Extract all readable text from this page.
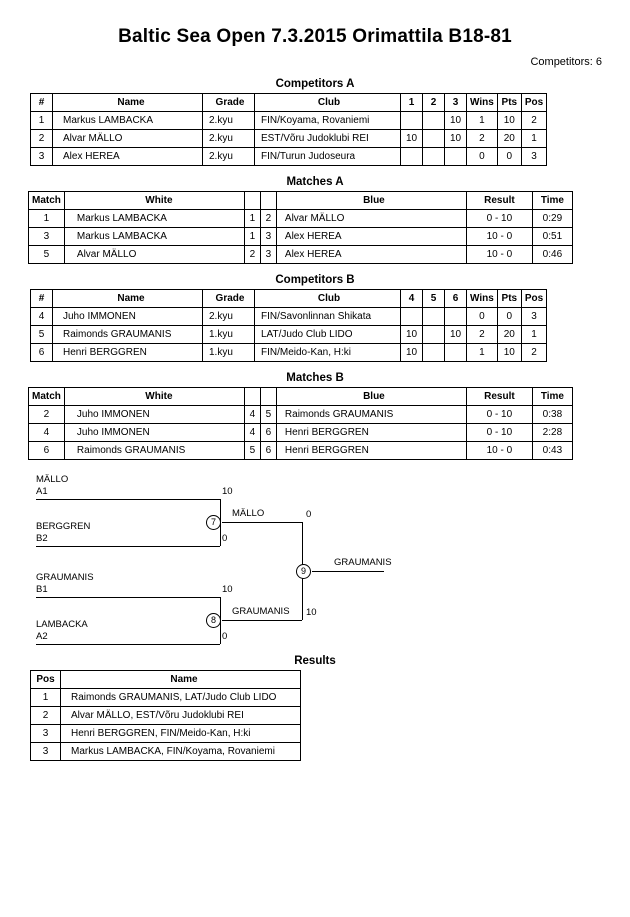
Baltic Sea Open 7.3.2015 Orimattila B18-81
Competitors: 6
Competitors A
#	Name	Grade	Club	1	2	3	Wins	Pts	Pos
1	Markus LAMBACKA	2.kyu	FIN/Koyama, Rovaniemi			10	1	10	2
2	Alvar MÄLLO	2.kyu	EST/Võru Judoklubi REI	10		10	2	20	1
3	Alex HEREA	2.kyu	FIN/Turun Judoseura				0	0	3
Matches A
Match	White			Blue	Result	Time
1	Markus LAMBACKA	1	2	Alvar MÄLLO	0 - 10	0:29
3	Markus LAMBACKA	1	3	Alex HEREA	10 - 0	0:51
5	Alvar MÄLLO	2	3	Alex HEREA	10 - 0	0:46
Competitors B
#	Name	Grade	Club	4	5	6	Wins	Pts	Pos
4	Juho IMMONEN	2.kyu	FIN/Savonlinnan Shikata				0	0	3
5	Raimonds GRAUMANIS	1.kyu	LAT/Judo Club LIDO	10		10	2	20	1
6	Henri BERGGREN	1.kyu	FIN/Meido-Kan, H:ki	10			1	10	2
Matches B
Match	White			Blue	Result	Time
2	Juho IMMONEN	4	5	Raimonds GRAUMANIS	0 - 10	0:38
4	Juho IMMONEN	4	6	Henri BERGGREN	0 - 10	2:28
6	Raimonds GRAUMANIS	5	6	Henri BERGGREN	10 - 0	0:43
MÄLLO
A1	10
BERGGREN
B2	0
7
MÄLLO	0
GRAUMANIS
B1	10
LAMBACKA
A2	0
8
GRAUMANIS 10
9
GRAUMANIS
Results
Pos	Name
1	Raimonds GRAUMANIS, LAT/Judo Club LIDO
2	Alvar MÄLLO, EST/Võru Judoklubi REI
3	Henri BERGGREN, FIN/Meido-Kan, H:ki
3	Markus LAMBACKA, FIN/Koyama, Rovaniemi
